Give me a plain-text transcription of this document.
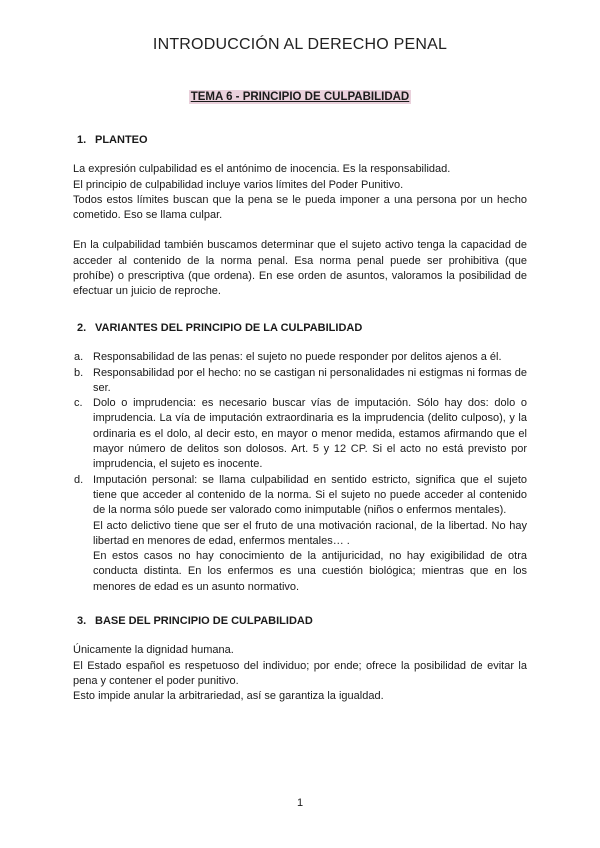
INTRODUCCIÓN AL DERECHO PENAL
TEMA 6 - PRINCIPIO DE CULPABILIDAD
1. PLANTEO

La expresión culpabilidad es el antónimo de inocencia. Es la responsabilidad.

El principio de culpabilidad incluye varios límites del Poder Punitivo.

Todos estos límites buscan que la pena se le pueda imponer a una persona por un hecho cometido. Eso se llama culpar.

En la culpabilidad también buscamos determinar que el sujeto activo tenga la capacidad de acceder al contenido de la norma penal. Esa norma penal puede ser prohibitiva (que prohíbe) o prescriptiva (que ordena). En ese orden de asuntos, valoramos la posibilidad de efectuar un juicio de reproche.

2. VARIANTES DEL PRINCIPIO DE LA CULPABILIDAD
a. Responsabilidad de las penas: el sujeto no puede responder por delitos ajenos a él.
b. Responsabilidad por el hecho: no se castigan ni personalidades ni estigmas ni formas de ser.
c. Dolo o imprudencia: es necesario buscar vías de imputación. Sólo hay dos: dolo o imprudencia. La vía de imputación extraordinaria es la imprudencia (delito culposo), y la ordinaria es el dolo, al decir esto, en mayor o menor medida, estamos afirmando que el mayor número de delitos son dolosos. Art. 5 y 12 CP. Si el acto no está previsto por imprudencia, el sujeto es inocente.
d. Imputación personal: se llama culpabilidad en sentido estricto, significa que el sujeto tiene que acceder al contenido de la norma. Si el sujeto no puede acceder al contenido de la norma sólo puede ser valorado como inimputable (niños o enfermos mentales).
El acto delictivo tiene que ser el fruto de una motivación racional, de la libertad. No hay libertad en menores de edad, enfermos mentales… .
En estos casos no hay conocimiento de la antijuricidad, no hay exigibilidad de otra conducta distinta. En los enfermos es una cuestión biológica; mientras que en los menores de edad es un asunto normativo.
3. BASE DEL PRINCIPIO DE CULPABILIDAD

Únicamente la dignidad humana.

El Estado español es respetuoso del individuo; por ende; ofrece la posibilidad de evitar la pena y contener el poder punitivo.

Esto impide anular la arbitrariedad, así se garantiza la igualdad.

1
